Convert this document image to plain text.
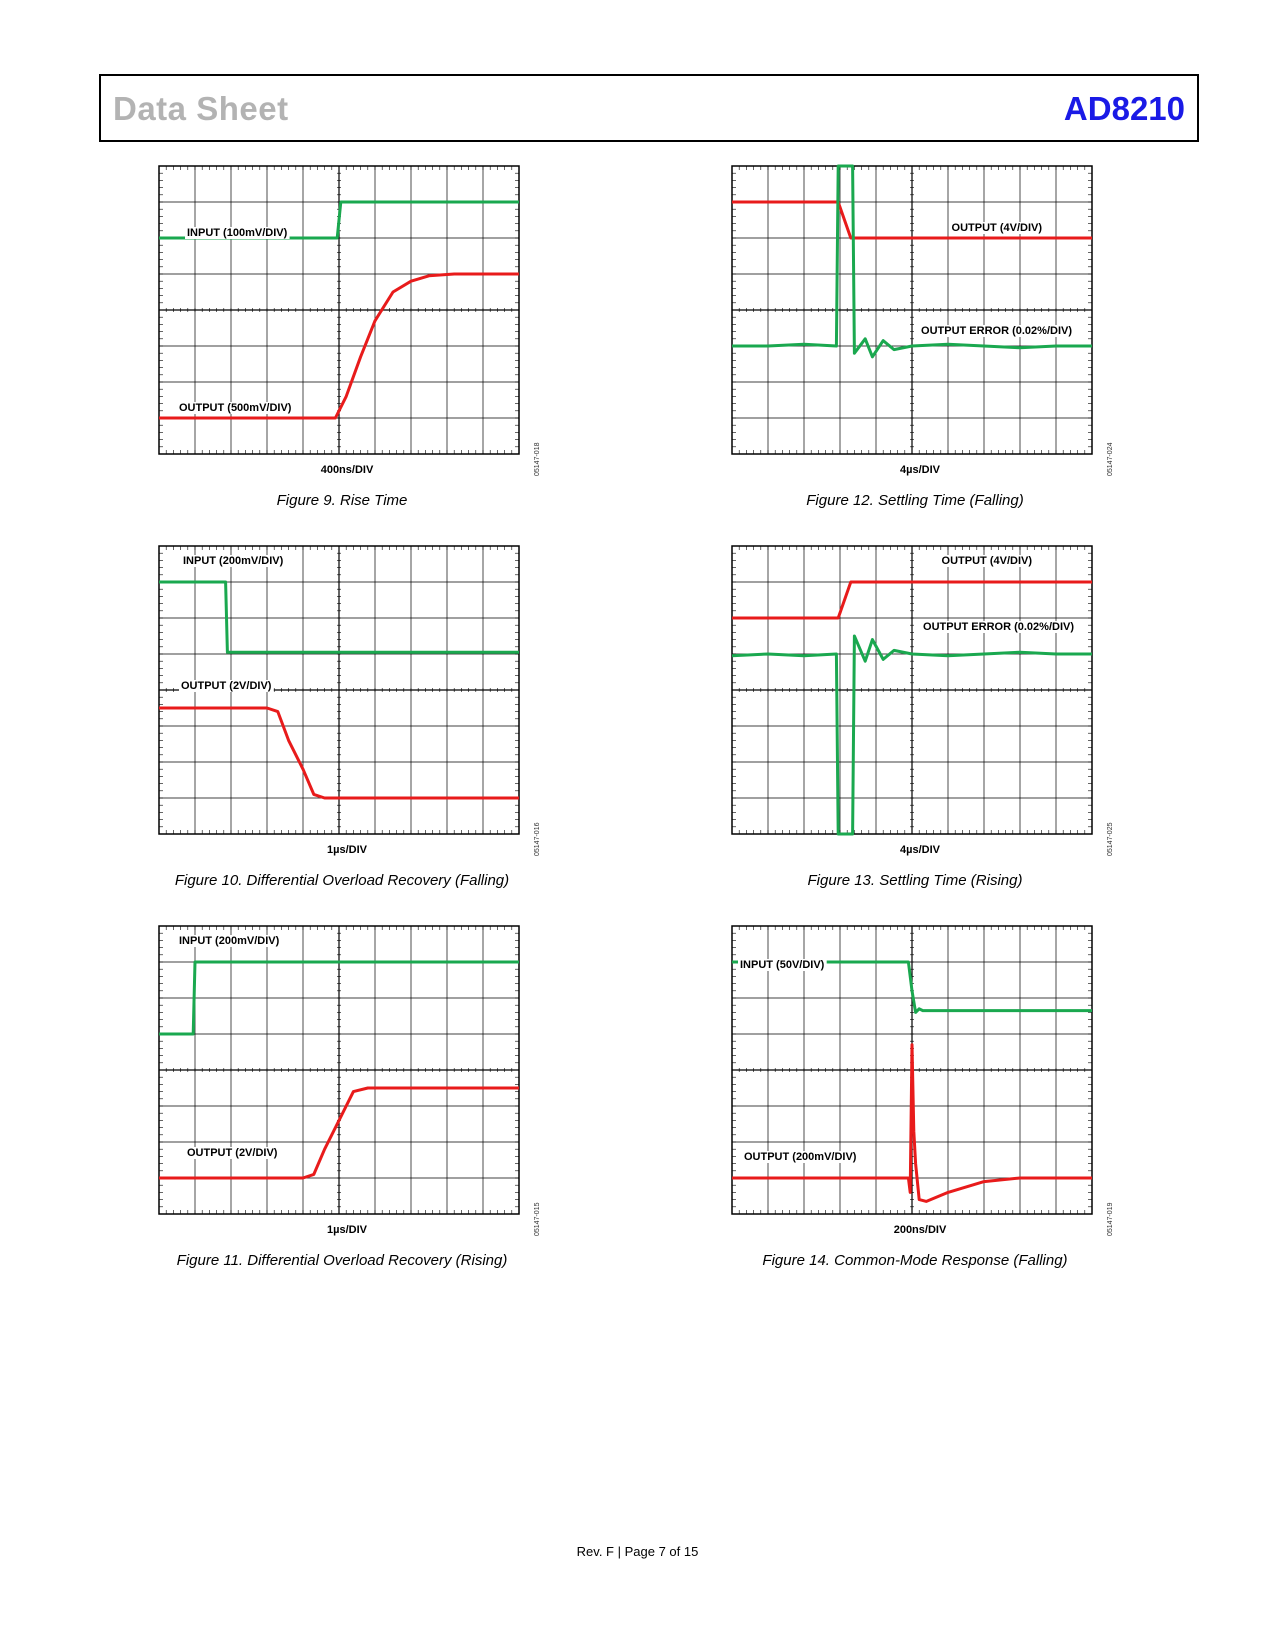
Data Sheet	AD8210
INPUT (100mV/DIV)
OUTPUT (500mV/DIV)
05147-018
400ns/DIV
Figure 9. Rise Time
OUTPUT (4V/DIV)
OUTPUT ERROR (0.02%/DIV)
05147-024
4µs/DIV
Figure 12. Settling Time (Falling)
INPUT (200mV/DIV)
OUTPUT (2V/DIV)
05147-016
1µs/DIV
Figure 10. Differential Overload Recovery (Falling)
OUTPUT (4V/DIV)
OUTPUT ERROR (0.02%/DIV)
05147-025
4µs/DIV
Figure 13. Settling Time (Rising)
INPUT (200mV/DIV)
OUTPUT (2V/DIV)
05147-015
1µs/DIV
Figure 11. Differential Overload Recovery (Rising)
INPUT (50V/DIV)
OUTPUT (200mV/DIV)
05147-019
200ns/DIV
Figure 14. Common-Mode Response (Falling)
Rev. F | Page 7 of 15
